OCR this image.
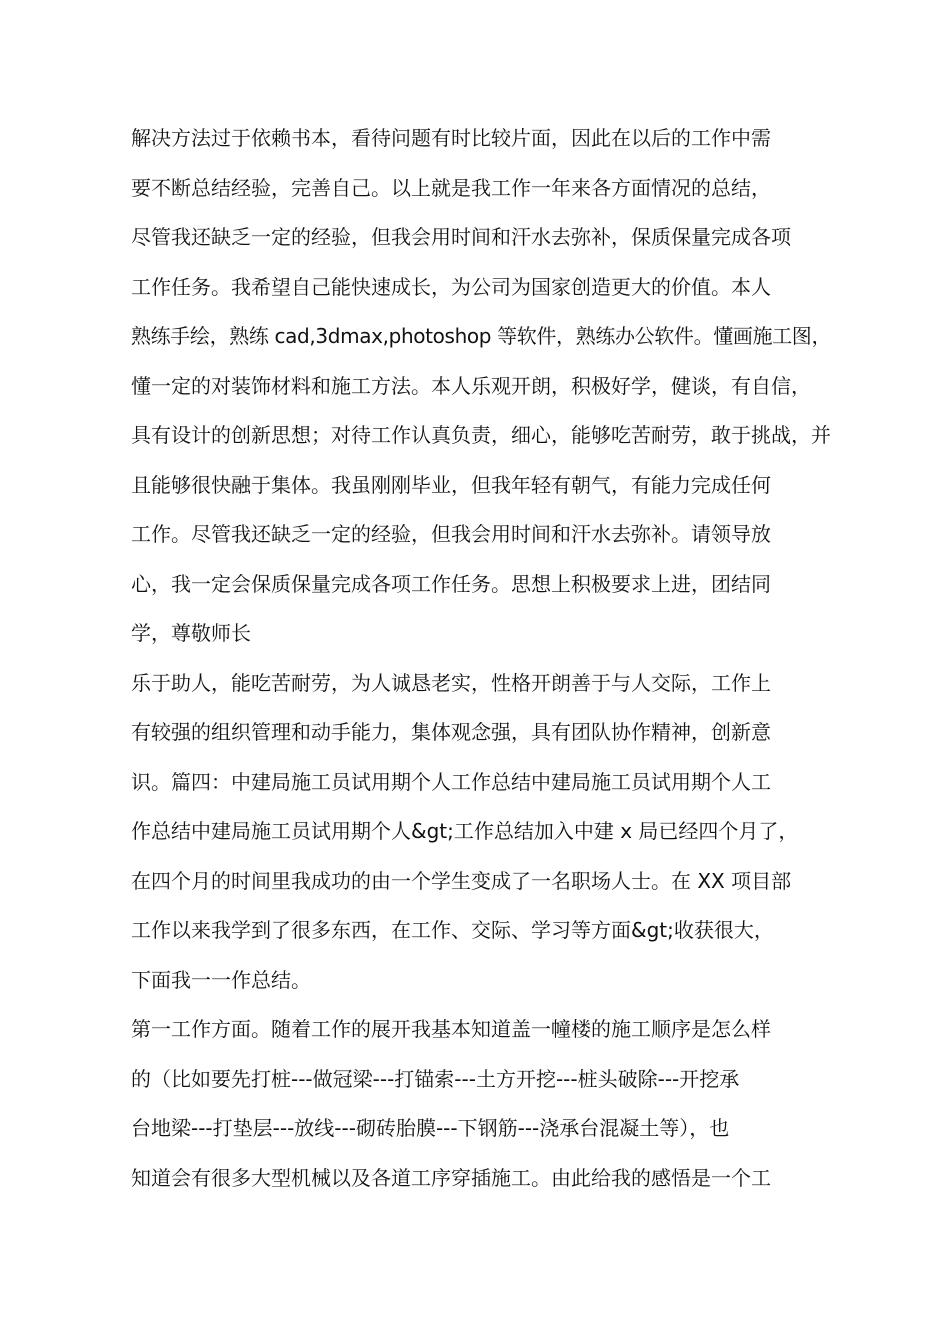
解决方法过于依赖书本，看待问题有时比较片面，因此在以后的工作中需
要不断总结经验，完善自己。以上就是我工作一年来各方面情况的总结，
尽管我还缺乏一定的经验，但我会用时间和汗水去弥补，保质保量完成各项
工作任务。我希望自己能快速成长，为公司为国家创造更大的价值。本人
熟练手绘，熟练 cad,3dmax,photoshop 等软件，熟练办公软件。懂画施工图，
懂一定的对装饰材料和施工方法。本人乐观开朗，积极好学，健谈，有自信，
具有设计的创新思想；对待工作认真负责，细心，能够吃苦耐劳，敢于挑战，并
且能够很快融于集体。我虽刚刚毕业，但我年轻有朝气，有能力完成任何
工作。尽管我还缺乏一定的经验，但我会用时间和汗水去弥补。请领导放
心，我一定会保质保量完成各项工作任务。思想上积极要求上进，团结同
学，尊敬师长
乐于助人，能吃苦耐劳，为人诚恳老实，性格开朗善于与人交际，工作上
有较强的组织管理和动手能力，集体观念强，具有团队协作精神，创新意
识。篇四：中建局施工员试用期个人工作总结中建局施工员试用期个人工
作总结中建局施工员试用期个人&gt;工作总结加入中建 x 局已经四个月了，
在四个月的时间里我成功的由一个学生变成了一名职场人士。在 XX 项目部
工作以来我学到了很多东西，在工作、交际、学习等方面&gt;收获很大，
下面我一一作总结。
第一工作方面。随着工作的展开我基本知道盖一幢楼的施工顺序是怎么样
的（比如要先打桩---做冠梁---打锚索---土方开挖---桩头破除---开挖承
台地梁---打垫层---放线---砌砖胎膜---下钢筋---浇承台混凝土等），也
知道会有很多大型机械以及各道工序穿插施工。由此给我的感悟是一个工
